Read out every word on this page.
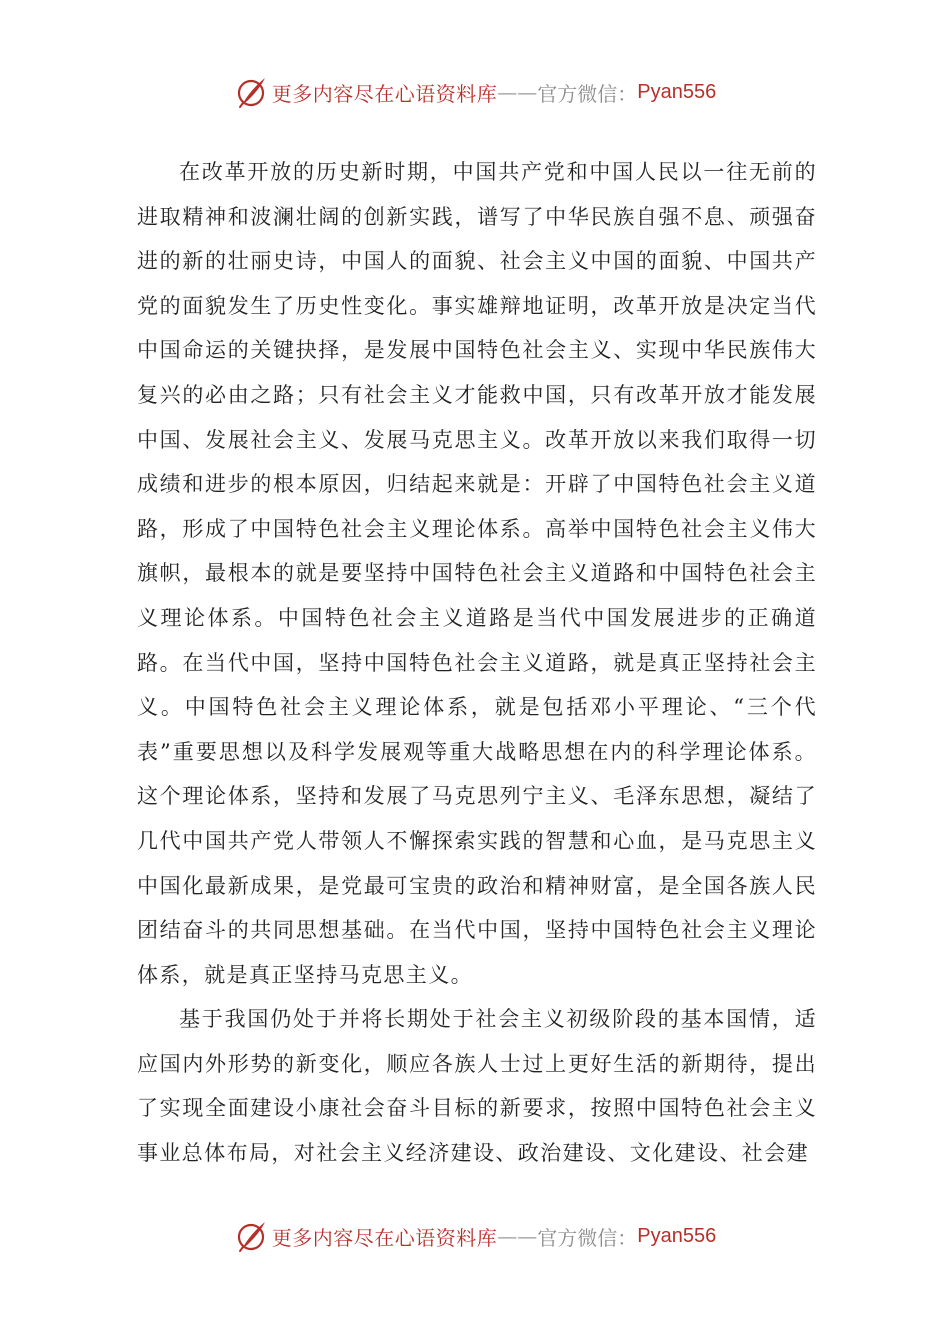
更多内容尽在心语资料库 —— 官方微信： Pyan556

在改革开放的历史新时期，中国共产党和中国人民以一往无前的进取精神和波澜壮阔的创新实践，谱写了中华民族自强不息、顽强奋进的新的壮丽史诗，中国人的面貌、社会主义中国的面貌、中国共产党的面貌发生了历史性变化。事实雄辩地证明，改革开放是决定当代中国命运的关键抉择，是发展中国特色社会主义、实现中华民族伟大复兴的必由之路；只有社会主义才能救中国，只有改革开放才能发展中国、发展社会主义、发展马克思主义。改革开放以来我们取得一切成绩和进步的根本原因，归结起来就是：开辟了中国特色社会主义道路，形成了中国特色社会主义理论体系。高举中国特色社会主义伟大旗帜，最根本的就是要坚持中国特色社会主义道路和中国特色社会主义理论体系。中国特色社会主义道路是当代中国发展进步的正确道路。在当代中国，坚持中国特色社会主义道路，就是真正坚持社会主义。中国特色社会主义理论体系，就是包括邓小平理论、“三个代表”重要思想以及科学发展观等重大战略思想在内的科学理论体系。这个理论体系，坚持和发展了马克思列宁主义、毛泽东思想，凝结了几代中国共产党人带领人不懈探索实践的智慧和心血，是马克思主义中国化最新成果，是党最可宝贵的政治和精神财富，是全国各族人民团结奋斗的共同思想基础。在当代中国，坚持中国特色社会主义理论体系，就是真正坚持马克思主义。

基于我国仍处于并将长期处于社会主义初级阶段的基本国情，适应国内外形势的新变化，顺应各族人士过上更好生活的新期待，提出了实现全面建设小康社会奋斗目标的新要求，按照中国特色社会主义事业总体布局，对社会主义经济建设、政治建设、文化建设、社会建

更多内容尽在心语资料库 —— 官方微信： Pyan556
